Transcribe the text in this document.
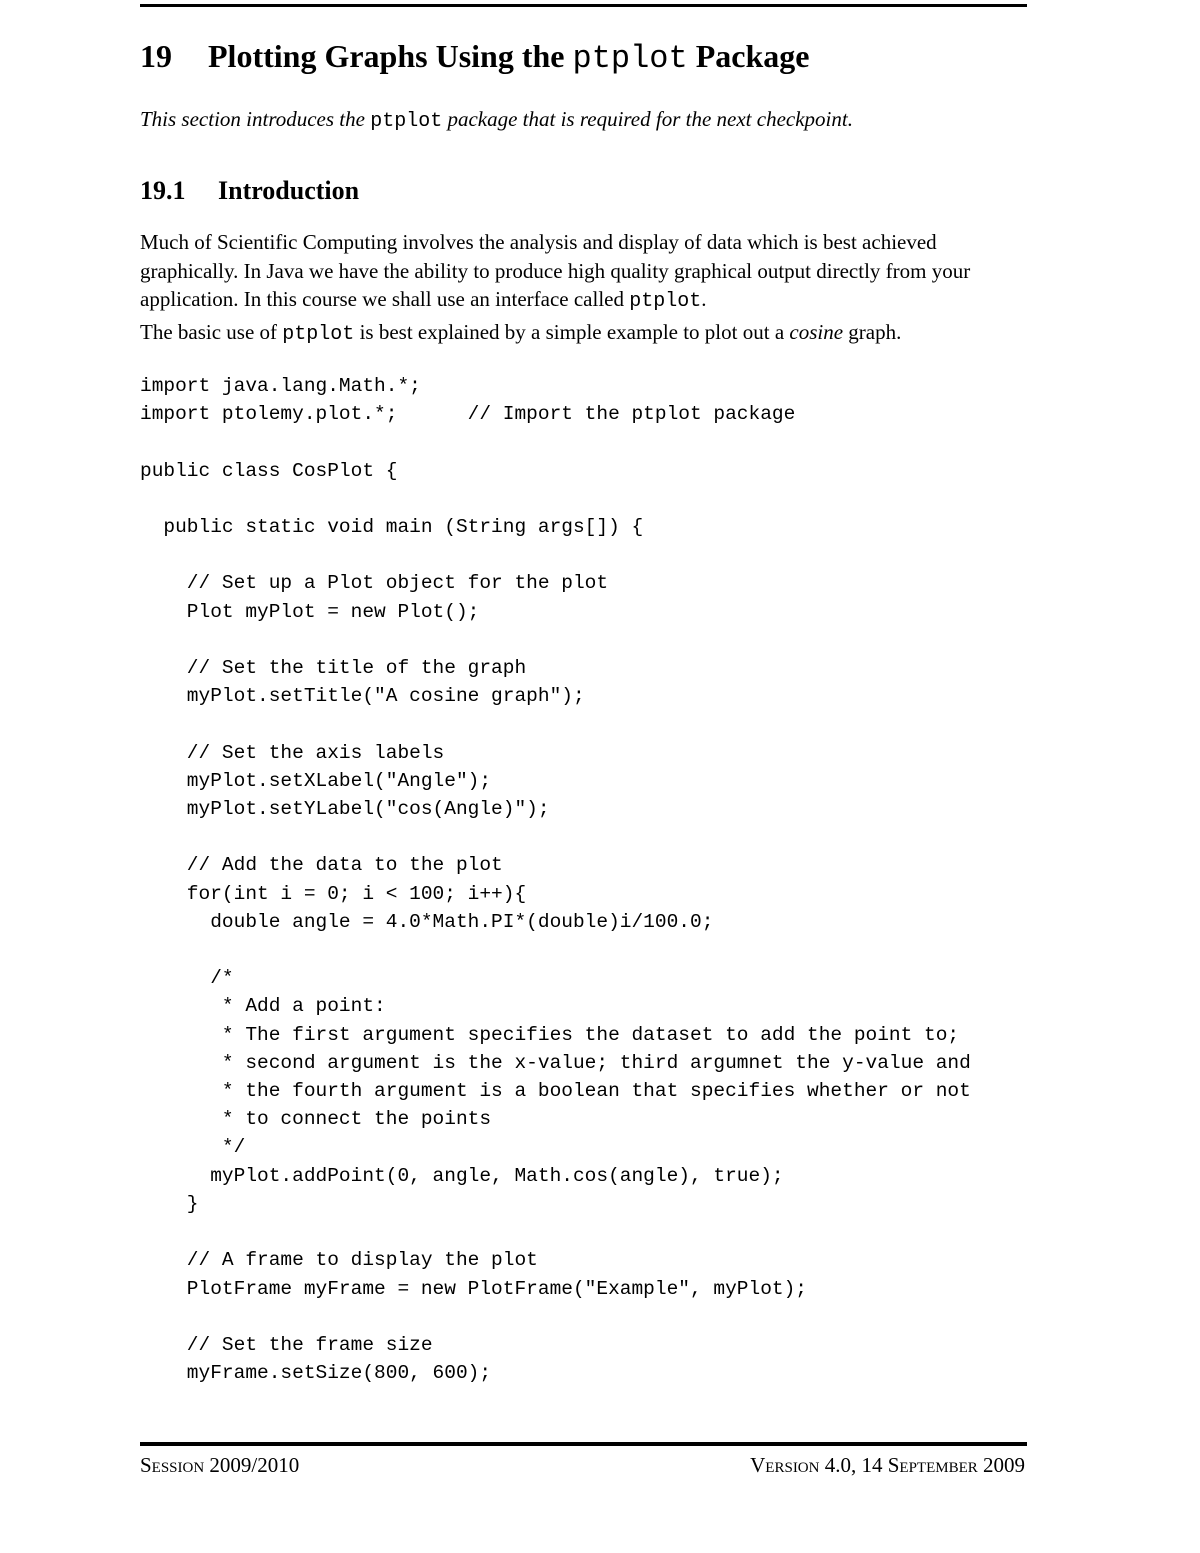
19 Plotting Graphs Using the ptplot Package

This section introduces the ptplot package that is required for the next checkpoint.

19.1 Introduction

Much of Scientific Computing involves the analysis and display of data which is best achieved graphically. In Java we have the ability to produce high quality graphical output directly from your application. In this course we shall use an interface called ptplot.

The basic use of ptplot is best explained by a simple example to plot out a cosine graph.

import java.lang.Math.*;
import ptolemy.plot.*;      // Import the ptplot package

public class CosPlot {

public static void main (String args[]) {

// Set up a Plot object for the plot
Plot myPlot = new Plot();

// Set the title of the graph
myPlot.setTitle("A cosine graph");

// Set the axis labels
myPlot.setXLabel("Angle");
myPlot.setYLabel("cos(Angle)");

// Add the data to the plot
for(int i = 0; i < 100; i++){
double angle = 4.0*Math.PI*(double)i/100.0;

/*
* Add a point:
* The first argument specifies the dataset to add the point to;
* second argument is the x-value; third argumnet the y-value and
* the fourth argument is a boolean that specifies whether or not
* to connect the points
*/
myPlot.addPoint(0, angle, Math.cos(angle), true);
}

// A frame to display the plot
PlotFrame myFrame = new PlotFrame("Example", myPlot);

// Set the frame size
myFrame.setSize(800, 600);
Session 2009/2010	Version 4.0, 14 September 2009
